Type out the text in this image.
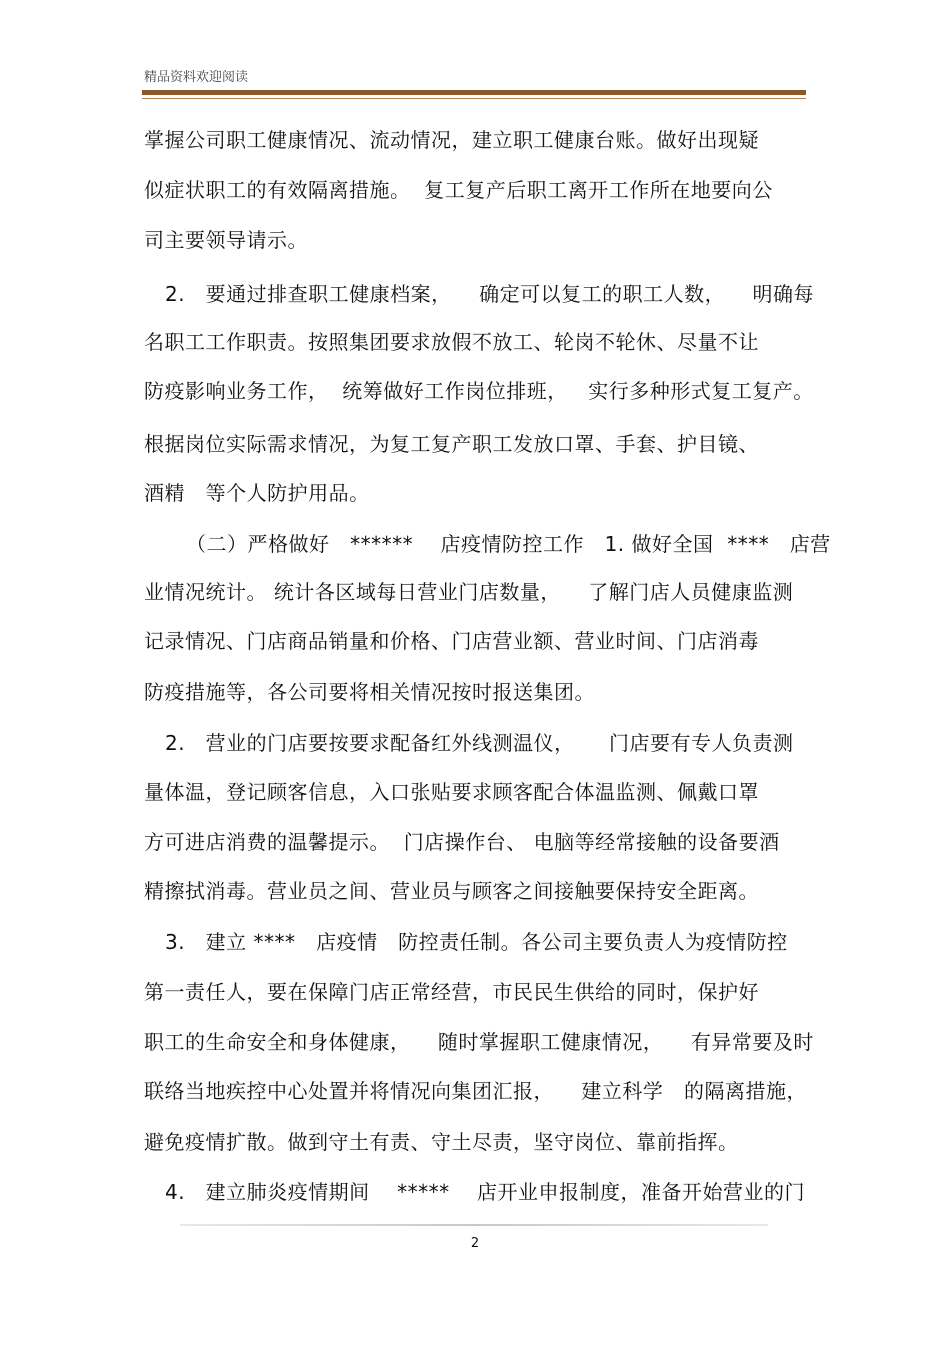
精品资料欢迎阅读
掌握公司职工健康情况、流动情况，建立职工健康台账。做好出现疑
似症状职工的有效隔离措施。  复工复产后职工离开工作所在地要向公
司主要领导请示。
2.   要通过排查职工健康档案，    确定可以复工的职工人数，    明确每
名职工工作职责。按照集团要求放假不放工、轮岗不轮休、尽量不让
防疫影响业务工作，  统筹做好工作岗位排班，   实行多种形式复工复产。
根据岗位实际需求情况，为复工复产职工发放口罩、手套、护目镜、
酒精   等个人防护用品。
（二）严格做好   ******    店疫情防控工作   1. 做好全国  ****   店营
业情况统计。 统计各区域每日营业门店数量，    了解门店人员健康监测
记录情况、门店商品销量和价格、门店营业额、营业时间、门店消毒
防疫措施等，各公司要将相关情况按时报送集团。
2.   营业的门店要按要求配备红外线测温仪，     门店要有专人负责测
量体温，登记顾客信息，入口张贴要求顾客配合体温监测、佩戴口罩
方可进店消费的温馨提示。  门店操作台、 电脑等经常接触的设备要酒
精擦拭消毒。营业员之间、营业员与顾客之间接触要保持安全距离。
3.   建立 ****   店疫情   防控责任制。各公司主要负责人为疫情防控
第一责任人，要在保障门店正常经营，市民民生供给的同时，保护好
职工的生命安全和身体健康，    随时掌握职工健康情况，    有异常要及时
联络当地疾控中心处置并将情况向集团汇报，    建立科学   的隔离措施，
避免疫情扩散。做到守土有责、守土尽责，坚守岗位、靠前指挥。
4.   建立肺炎疫情期间    *****    店开业申报制度，准备开始营业的门
2
